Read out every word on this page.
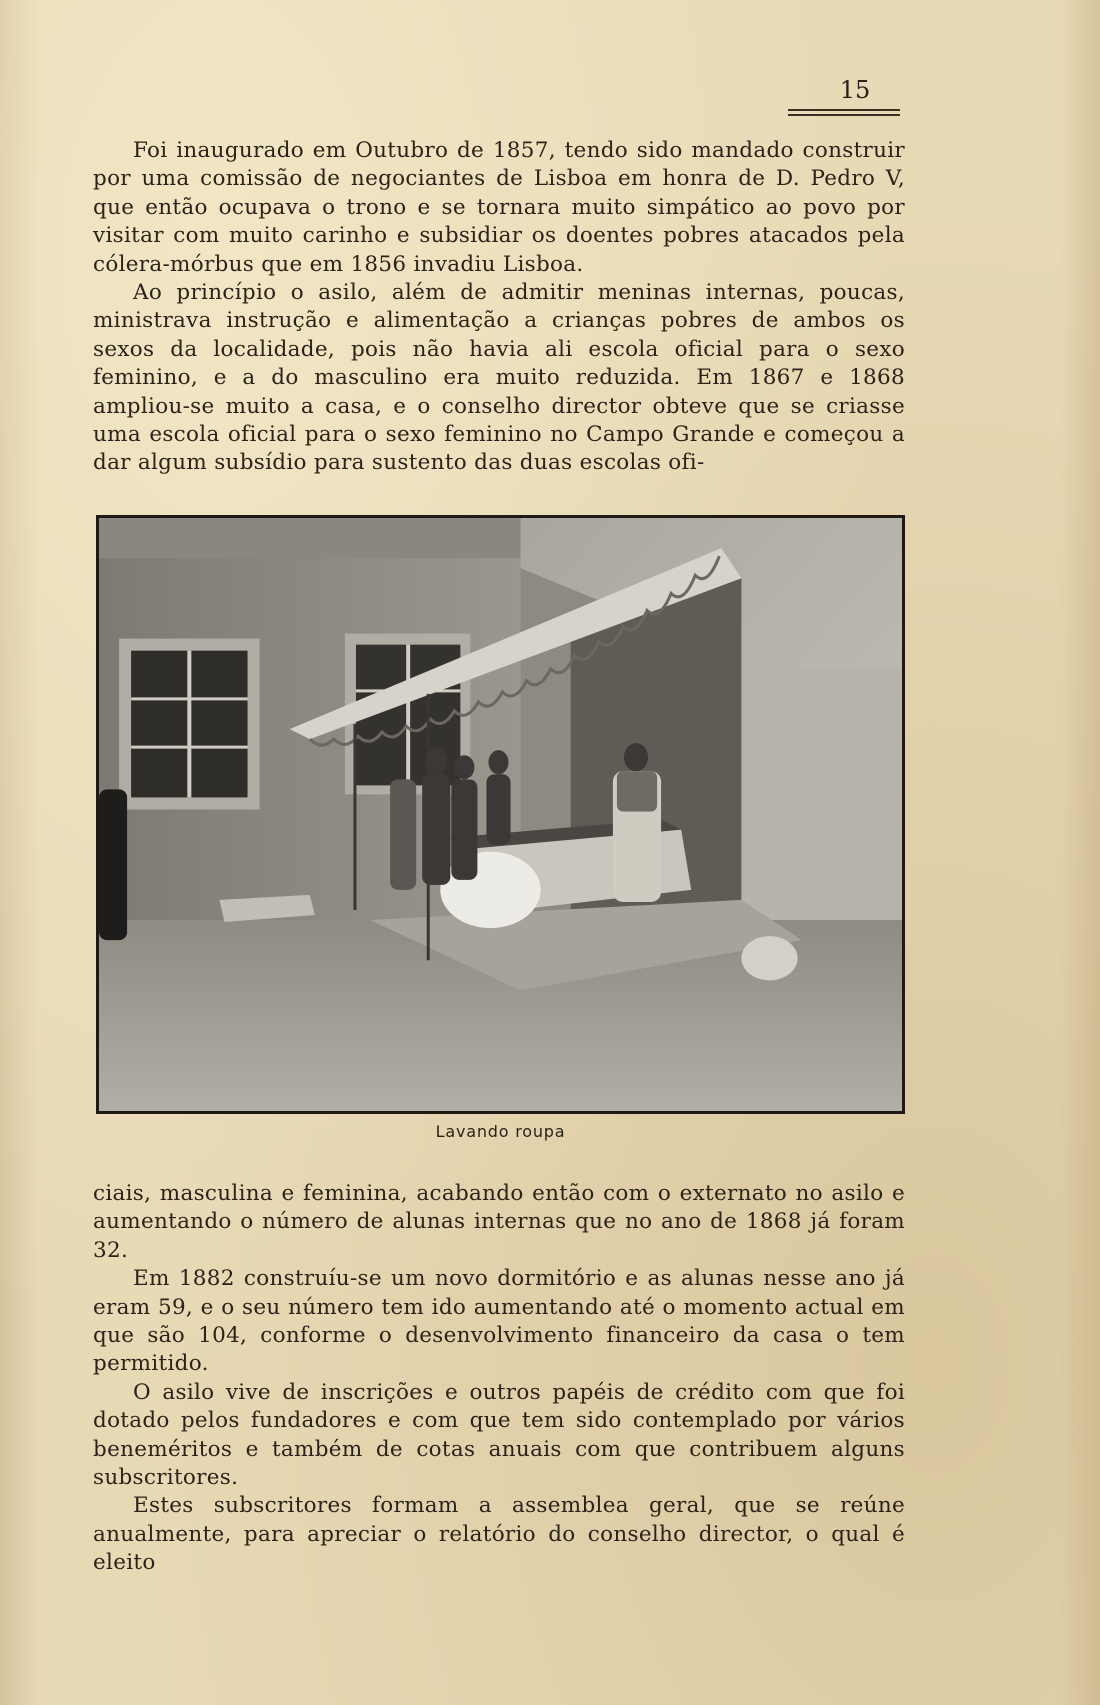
15

Foi inaugurado em Outubro de 1857, tendo sido mandado construir por uma comissão de negociantes de Lisboa em honra de D. Pedro V, que então ocupava o trono e se tornara muito simpático ao povo por visitar com muito carinho e subsidiar os doentes pobres atacados pela cólera-mórbus que em 1856 invadiu Lisboa.

Ao princípio o asilo, além de admitir meninas internas, poucas, ministrava instrução e alimentação a crianças pobres de ambos os sexos da localidade, pois não havia ali escola oficial para o sexo feminino, e a do masculino era muito reduzida. Em 1867 e 1868 ampliou-se muito a casa, e o conselho director obteve que se criasse uma escola oficial para o sexo feminino no Campo Grande e começou a dar algum subsídio para sustento das duas escolas ofi-

Lavando roupa

ciais, masculina e feminina, acabando então com o externato no asilo e aumentando o número de alunas internas que no ano de 1868 já foram 32.

Em 1882 construíu-se um novo dormitório e as alunas nesse ano já eram 59, e o seu número tem ido aumentando até o momento actual em que são 104, conforme o desenvolvimento financeiro da casa o tem permitido.

O asilo vive de inscrições e outros papéis de crédito com que foi dotado pelos fundadores e com que tem sido contemplado por vários beneméritos e também de cotas anuais com que contribuem alguns subscritores.

Estes subscritores formam a assemblea geral, que se reúne anualmente, para apreciar o relatório do conselho director, o qual é eleito
